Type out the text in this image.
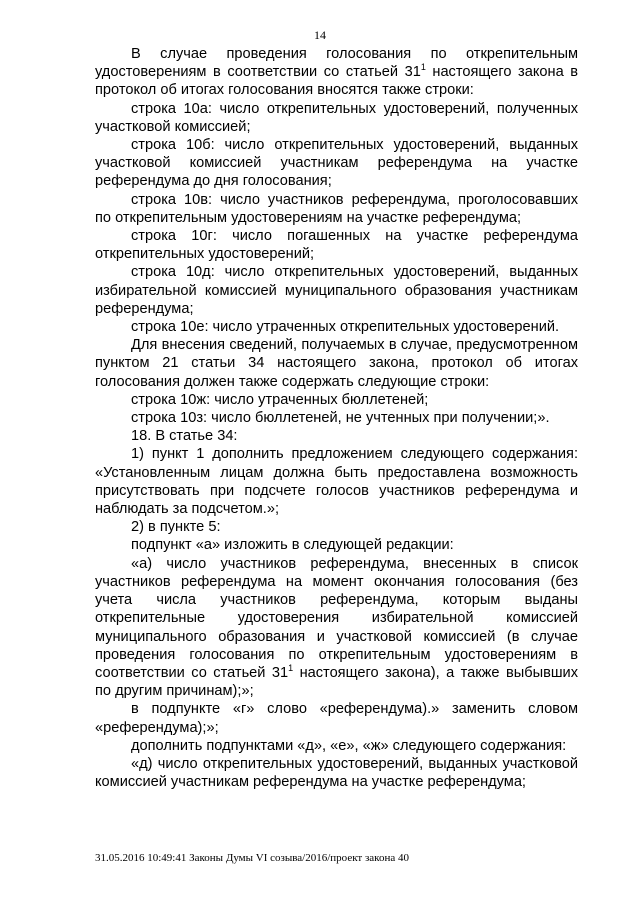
14

В случае проведения голосования по открепительным удостоверениям в соответствии со статьей $31^1$ настоящего закона в протокол об итогах голосования вносятся также строки:

строка 10а: число открепительных удостоверений, полученных участковой комиссией;

строка 10б: число открепительных удостоверений, выданных участковой комиссией участникам референдума на участке референдума до дня голосования;

строка 10в: число участников референдума, проголосовавших по открепительным удостоверениям на участке референдума;

строка 10г: число погашенных на участке референдума открепительных удостоверений;

строка 10д: число открепительных удостоверений, выданных избирательной комиссией муниципального образования участникам референдума;

строка 10е: число утраченных открепительных удостоверений.

Для внесения сведений, получаемых в случае, предусмотренном пунктом 21 статьи 34 настоящего закона, протокол об итогах голосования должен также содержать следующие строки:

строка 10ж: число утраченных бюллетеней;

строка 10з: число бюллетеней, не учтенных при получении;».

18. В статье 34:

1) пункт 1 дополнить предложением следующего содержания: «Установленным лицам должна быть предоставлена возможность присутствовать при подсчете голосов участников референдума и наблюдать за подсчетом.»;

2) в пункте 5:

подпункт «а» изложить в следующей редакции:

«а) число участников референдума, внесенных в список участников референдума на момент окончания голосования (без учета числа участников референдума, которым выданы открепительные удостоверения избирательной комиссией муниципального образования и участковой комиссией (в случае проведения голосования по открепительным удостоверениям в соответствии со статьей $31^1$ настоящего закона), а также выбывших по другим причинам);»;

в подпункте «г» слово «референдума).» заменить словом «референдума);»;

дополнить подпунктами «д», «е», «ж» следующего содержания:

«д) число открепительных удостоверений, выданных участковой комиссией участникам референдума на участке референдума;

31.05.2016 10:49:41 Законы Думы VI созыва/2016/проект закона 40
